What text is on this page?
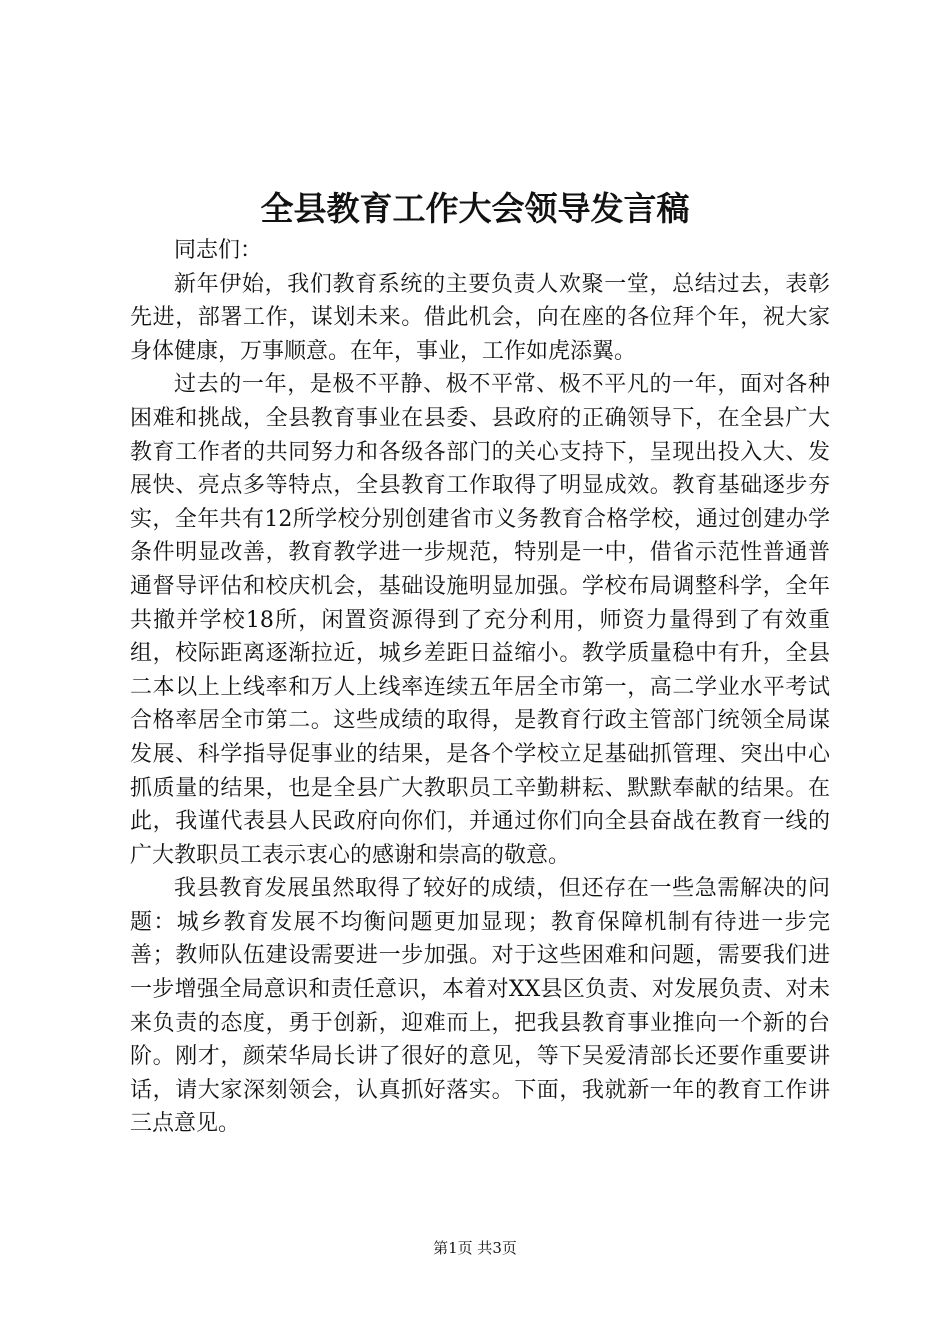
全县教育工作大会领导发言稿

同志们：

新年伊始，我们教育系统的主要负责人欢聚一堂，总结过去，表彰先进，部署工作，谋划未来。借此机会，向在座的各位拜个年，祝大家身体健康，万事顺意。在年，事业，工作如虎添翼。

过去的一年，是极不平静、极不平常、极不平凡的一年，面对各种困难和挑战，全县教育事业在县委、县政府的正确领导下，在全县广大教育工作者的共同努力和各级各部门的关心支持下，呈现出投入大、发展快、亮点多等特点，全县教育工作取得了明显成效。教育基础逐步夯实，全年共有12所学校分别创建省市义务教育合格学校，通过创建办学条件明显改善，教育教学进一步规范，特别是一中，借省示范性普通普通督导评估和校庆机会，基础设施明显加强。学校布局调整科学，全年共撤并学校18所，闲置资源得到了充分利用，师资力量得到了有效重组，校际距离逐渐拉近，城乡差距日益缩小。教学质量稳中有升，全县二本以上上线率和万人上线率连续五年居全市第一，高二学业水平考试合格率居全市第二。这些成绩的取得，是教育行政主管部门统领全局谋发展、科学指导促事业的结果，是各个学校立足基础抓管理、突出中心抓质量的结果，也是全县广大教职员工辛勤耕耘、默默奉献的结果。在此，我谨代表县人民政府向你们，并通过你们向全县奋战在教育一线的广大教职员工表示衷心的感谢和崇高的敬意。

我县教育发展虽然取得了较好的成绩，但还存在一些急需解决的问题：城乡教育发展不均衡问题更加显现；教育保障机制有待进一步完善；教师队伍建设需要进一步加强。对于这些困难和问题，需要我们进一步增强全局意识和责任意识，本着对XX县区负责、对发展负责、对未来负责的态度，勇于创新，迎难而上，把我县教育事业推向一个新的台阶。刚才，颜荣华局长讲了很好的意见，等下吴爱清部长还要作重要讲话，请大家深刻领会，认真抓好落实。下面，我就新一年的教育工作讲三点意见。

第1页 共3页
